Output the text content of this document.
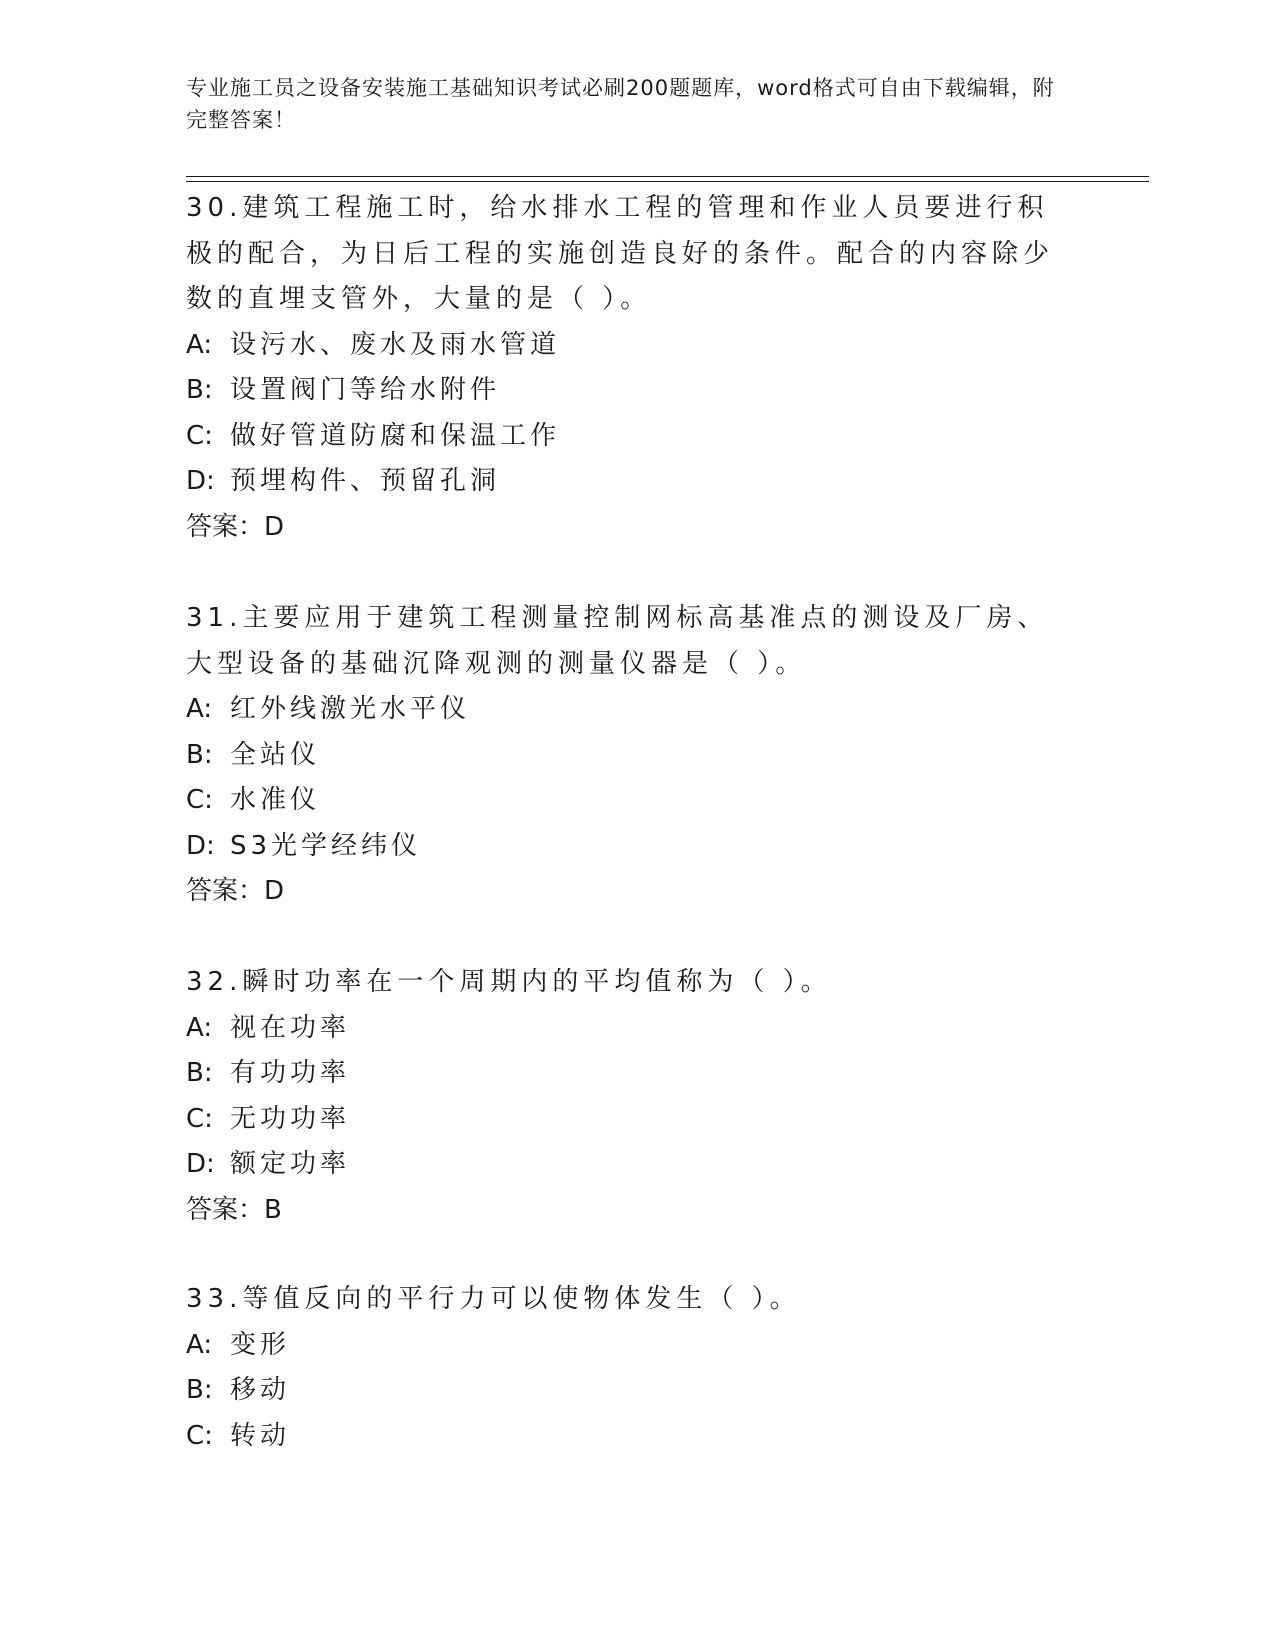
专业施工员之设备安装施工基础知识考试必刷200题题库，word格式可自由下载编辑，附完整答案！
30.建筑工程施工时，给水排水工程的管理和作业人员要进行积极的配合，为日后工程的实施创造良好的条件。配合的内容除少数的直埋支管外，大量的是（ ）。
A: 设污水、废水及雨水管道
B: 设置阀门等给水附件
C: 做好管道防腐和保温工作
D: 预埋构件、预留孔洞
答案：D
31.主要应用于建筑工程测量控制网标高基准点的测设及厂房、大型设备的基础沉降观测的测量仪器是（ ）。
A: 红外线激光水平仪
B: 全站仪
C: 水准仪
D: S3光学经纬仪
答案：D
32.瞬时功率在一个周期内的平均值称为（ ）。
A: 视在功率
B: 有功功率
C: 无功功率
D: 额定功率
答案：B
33.等值反向的平行力可以使物体发生（ ）。
A: 变形
B: 移动
C: 转动
